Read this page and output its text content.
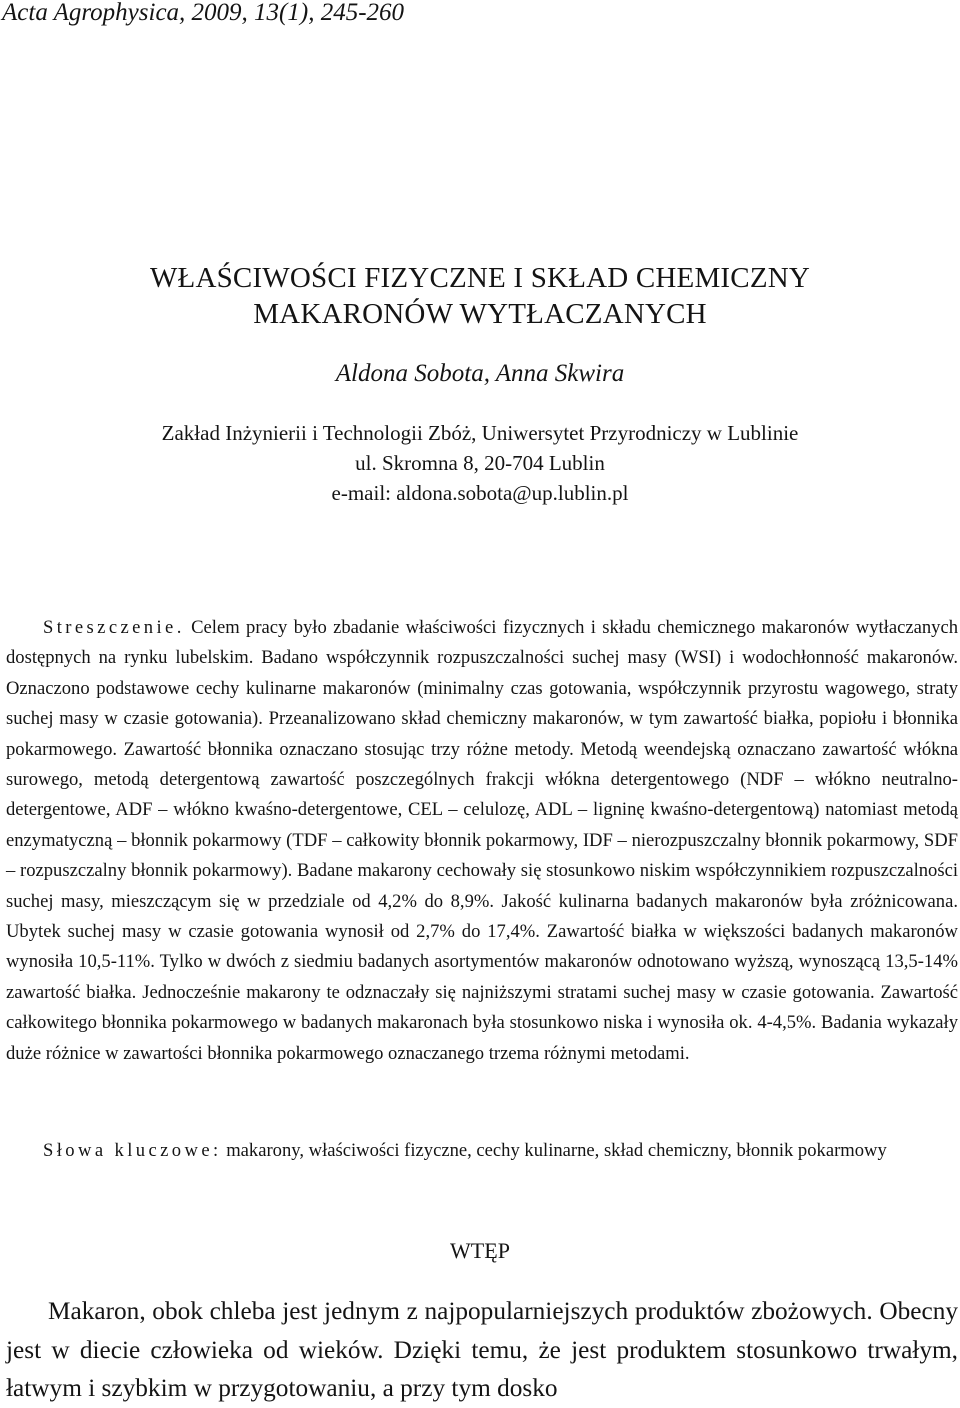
Acta Agrophysica, 2009, 13(1), 245-260

WŁAŚCIWOŚCI FIZYCZNE I SKŁAD CHEMICZNY
MAKARONÓW WYTŁACZANYCH

Aldona Sobota, Anna Skwira

Zakład Inżynierii i Technologii Zbóż, Uniwersytet Przyrodniczy w Lublinie
ul. Skromna 8, 20-704 Lublin
e-mail: aldona.sobota@up.lublin.pl

Streszczenie. Celem pracy było zbadanie właściwości fizycznych i składu chemicznego makaronów wytłaczanych dostępnych na rynku lubelskim. Badano współczynnik rozpuszczalności suchej masy (WSI) i wodochłonność makaronów. Oznaczono podstawowe cechy kulinarne makaronów (minimalny czas gotowania, współczynnik przyrostu wagowego, straty suchej masy w czasie gotowania). Przeanalizowano skład chemiczny makaronów, w tym zawartość białka, popiołu i błonnika pokarmowego. Zawartość błonnika oznaczano stosując trzy różne metody. Metodą weendejską oznaczano zawartość włókna surowego, metodą detergentową zawartość poszczególnych frakcji włókna detergentowego (NDF – włókno neutralno-detergentowe, ADF – włókno kwaśno-detergentowe, CEL – celulozę, ADL – ligninę kwaśno-detergentową) natomiast metodą enzymatyczną – błonnik pokarmowy (TDF – całkowity błonnik pokarmowy, IDF – nierozpuszczalny błonnik pokarmowy, SDF – rozpuszczalny błonnik pokarmowy). Badane makarony cechowały się stosunkowo niskim współczynnikiem rozpuszczalności suchej masy, mieszczącym się w przedziale od 4,2% do 8,9%. Jakość kulinarna badanych makaronów była zróżnicowana. Ubytek suchej masy w czasie gotowania wynosił od 2,7% do 17,4%. Zawartość białka w większości badanych makaronów wynosiła 10,5-11%. Tylko w dwóch z siedmiu badanych asortymentów makaronów odnotowano wyższą, wynoszącą 13,5-14% zawartość białka. Jednocześnie makarony te odznaczały się najniższymi stratami suchej masy w czasie gotowania. Zawartość całkowitego błonnika pokarmowego w badanych makaronach była stosunkowo niska i wynosiła ok. 4-4,5%. Badania wykazały duże różnice w zawartości błonnika pokarmowego oznaczanego trzema różnymi metodami.

Słowa kluczowe: makarony, właściwości fizyczne, cechy kulinarne, skład chemiczny, błonnik pokarmowy

WTĘP

Makaron, obok chleba jest jednym z najpopularniejszych produktów zbożowych. Obecny jest w diecie człowieka od wieków. Dzięki temu, że jest produktem stosunkowo trwałym, łatwym i szybkim w przygotowaniu, a przy tym dosko
